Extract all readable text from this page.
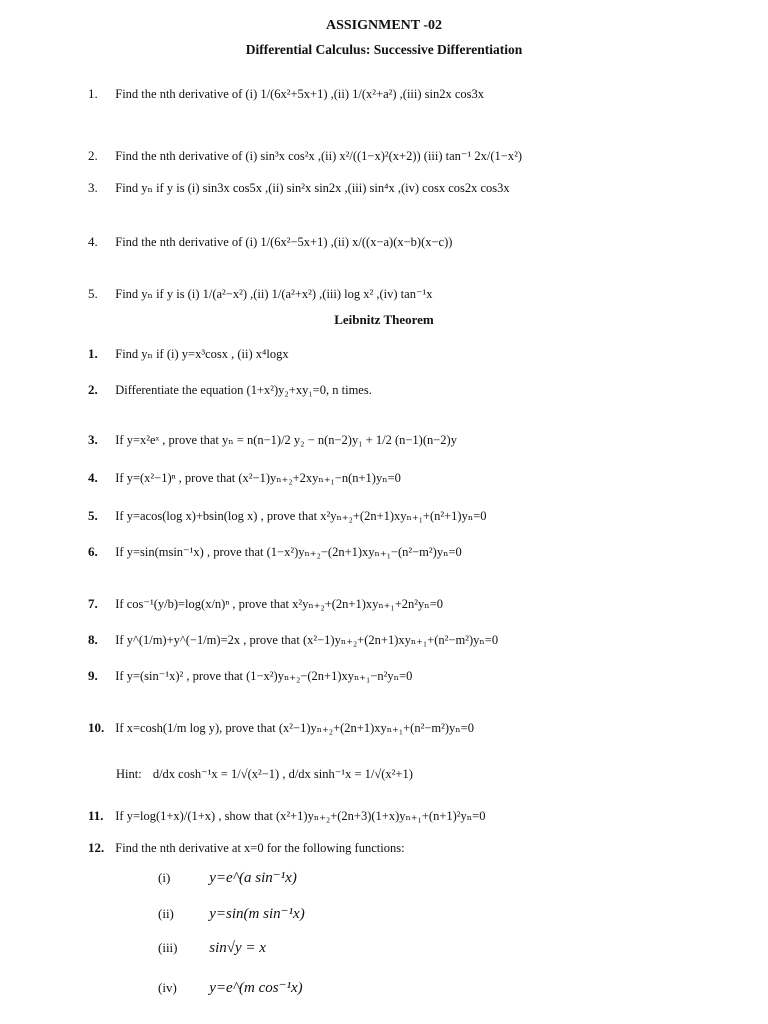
ASSIGNMENT -02
Differential Calculus: Successive Differentiation
1. Find the nth derivative of (i) 1/(6x²+5x+1) ,(ii) 1/(x²+a²) ,(iii) sin2x cos3x
2. Find the nth derivative of (i) sin³x cos²x ,(ii) x²/((1−x)²(x+2)) (iii) tan⁻¹ 2x/(1−x²)
3. Find yₙ if y is (i) sin3x cos5x ,(ii) sin²x sin2x ,(iii) sin⁴x ,(iv) cosx cos2x cos3x
4. Find the nth derivative of (i) 1/(6x²−5x+1) ,(ii) x/((x−a)(x−b)(x−c))
5. Find yₙ if y is (i) 1/(a²−x²) ,(ii) 1/(a²+x²) ,(iii) log x² ,(iv) tan⁻¹x
Leibnitz Theorem
1. Find yₙ if (i) y=x³cosx , (ii) x⁴logx
2. Differentiate the equation (1+x²)y₂+xy₁=0, n times.
3. If y=x²eˣ , prove that yₙ = n(n−1)/2 y₂ − n(n−2)y₁ + 1/2 (n−1)(n−2)y
4. If y=(x²−1)ⁿ , prove that (x²−1)yₙ₊₂+2xyₙ₊₁−n(n+1)yₙ=0
5. If y=acos(log x)+bsin(log x) , prove that x²yₙ₊₂+(2n+1)xyₙ₊₁+(n²+1)yₙ=0
6. If y=sin(msin⁻¹x) , prove that (1−x²)yₙ₊₂−(2n+1)xyₙ₊₁−(n²−m²)yₙ=0
7. If cos⁻¹(y/b)=log(x/n)ⁿ , prove that x²yₙ₊₂+(2n+1)xyₙ₊₁+2n²yₙ=0
8. If y^(1/m)+y^(−1/m)=2x , prove that (x²−1)yₙ₊₂+(2n+1)xyₙ₊₁+(n²−m²)yₙ=0
9. If y=(sin⁻¹x)² , prove that (1−x²)yₙ₊₂−(2n+1)xyₙ₊₁−n²yₙ=0
10. If x=cosh(1/m log y), prove that (x²−1)yₙ₊₂+(2n+1)xyₙ₊₁+(n²−m²)yₙ=0
Hint: d/dx cosh⁻¹x = 1/√(x²−1) , d/dx sinh⁻¹x = 1/√(x²+1)
11. If y=log(1+x)/(1+x) , show that (x²+1)yₙ₊₂+(2n+3)(1+x)yₙ₊₁+(n+1)²yₙ=0
12. Find the nth derivative at x=0 for the following functions:
(i)	y=e^(a sin⁻¹x)
(ii) y=sin(m sin⁻¹x)
(iii) sin√y = x
(iv) y=e^(m cos⁻¹x)
